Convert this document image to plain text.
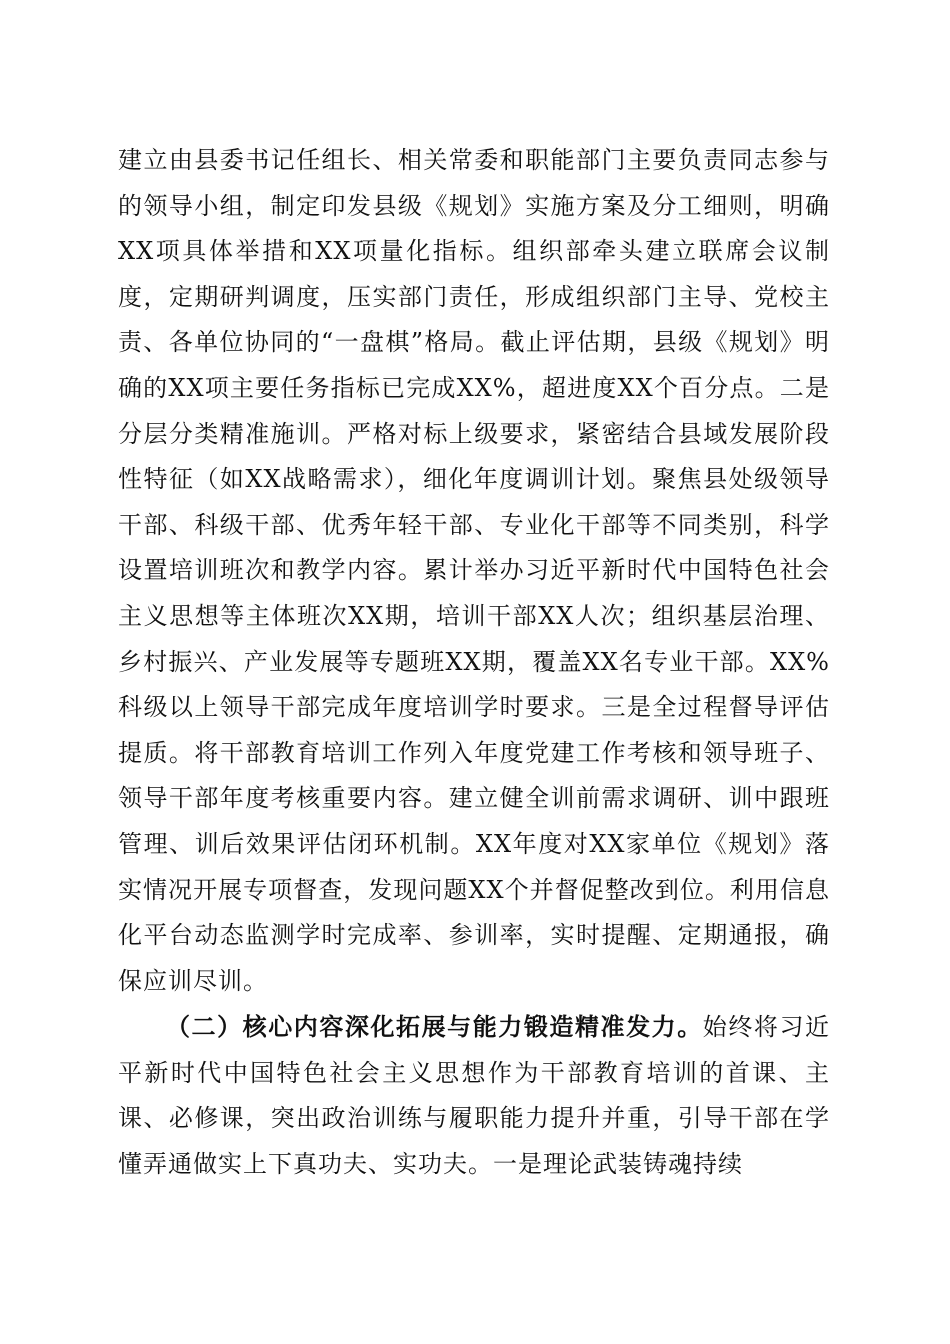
建立由县委书记任组长、相关常委和职能部门主要负责同志参与的领导小组，制定印发县级《规划》实施方案及分工细则，明确XX项具体举措和XX项量化指标。组织部牵头建立联席会议制度，定期研判调度，压实部门责任，形成组织部门主导、党校主责、各单位协同的“一盘棋”格局。截止评估期，县级《规划》明确的XX项主要任务指标已完成XX%，超进度XX个百分点。二是分层分类精准施训。严格对标上级要求，紧密结合县域发展阶段性特征（如XX战略需求），细化年度调训计划。聚焦县处级领导干部、科级干部、优秀年轻干部、专业化干部等不同类别，科学设置培训班次和教学内容。累计举办习近平新时代中国特色社会主义思想等主体班次XX期，培训干部XX人次；组织基层治理、乡村振兴、产业发展等专题班XX期，覆盖XX名专业干部。XX%科级以上领导干部完成年度培训学时要求。三是全过程督导评估提质。将干部教育培训工作列入年度党建工作考核和领导班子、领导干部年度考核重要内容。建立健全训前需求调研、训中跟班管理、训后效果评估闭环机制。XX年度对XX家单位《规划》落实情况开展专项督查，发现问题XX个并督促整改到位。利用信息化平台动态监测学时完成率、参训率，实时提醒、定期通报，确保应训尽训。

（二）核心内容深化拓展与能力锻造精准发力。始终将习近平新时代中国特色社会主义思想作为干部教育培训的首课、主课、必修课，突出政治训练与履职能力提升并重，引导干部在学懂弄通做实上下真功夫、实功夫。一是理论武装铸魂持续
